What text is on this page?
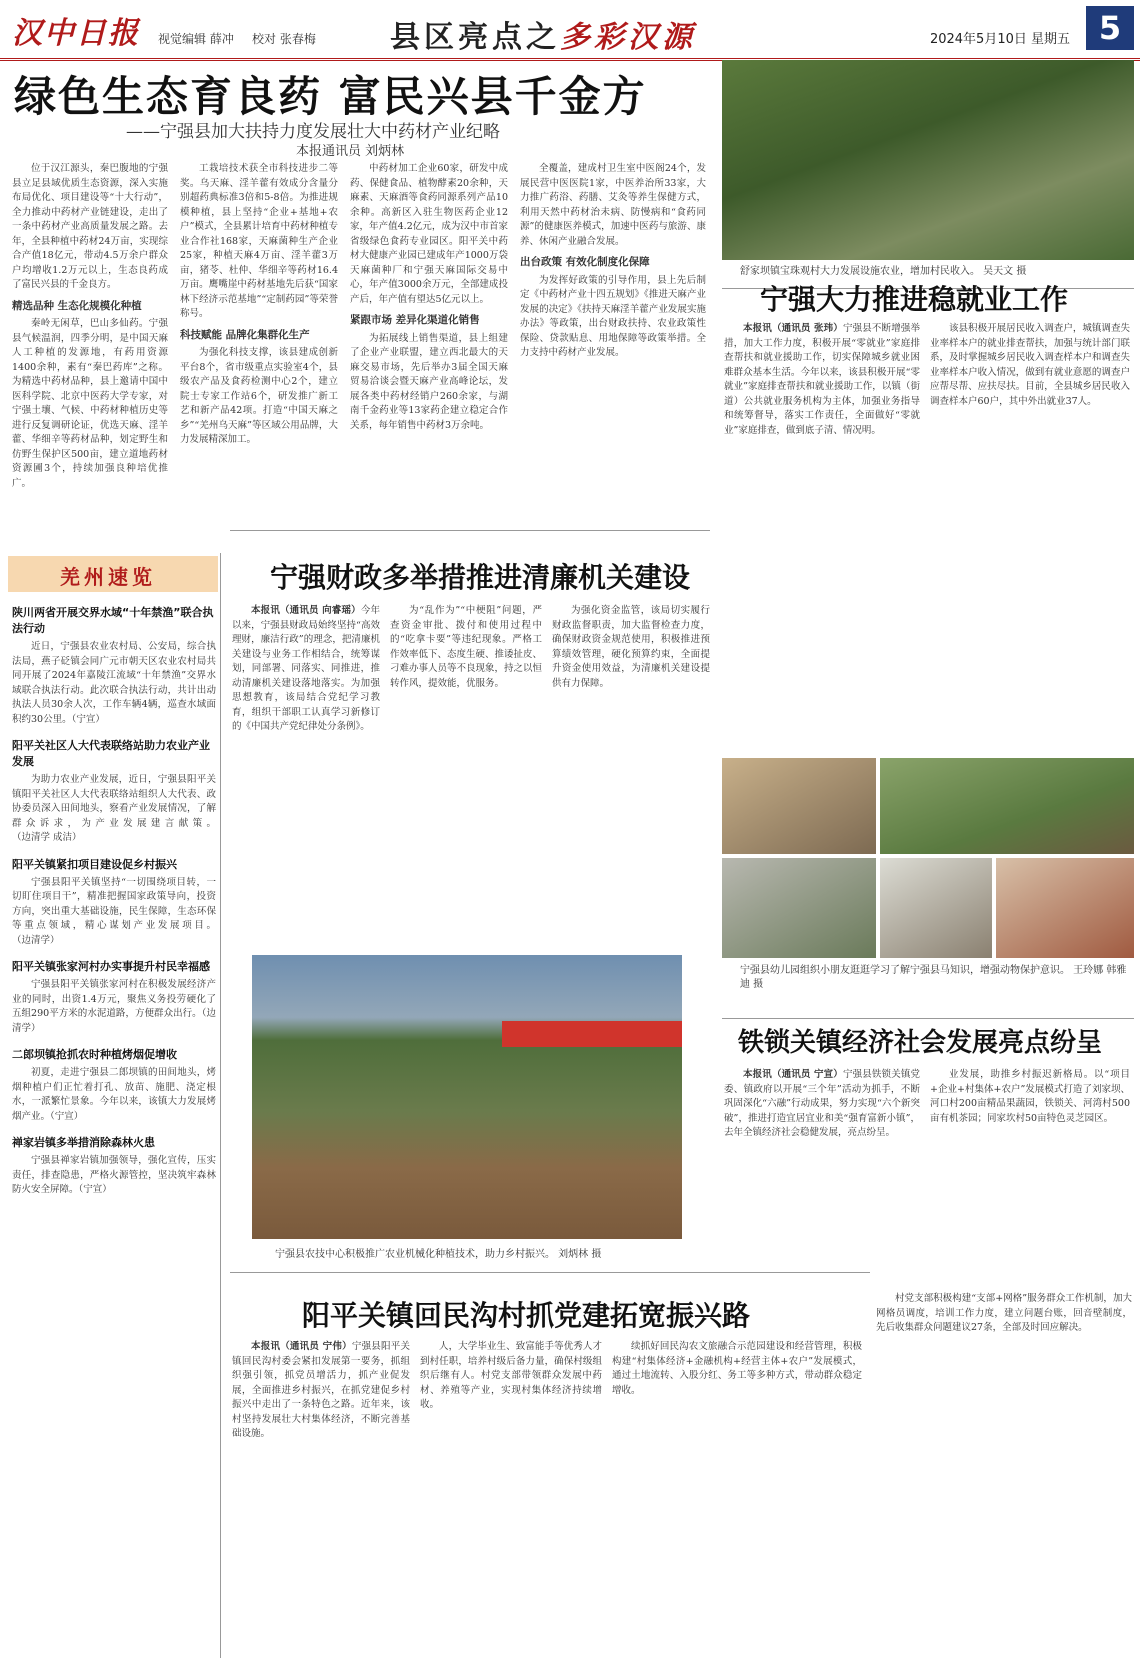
汉中日报 视觉编辑 薛冲 校对 张春梅 县区亮点之多彩汉源	2024年5月10日 星期五 5
绿色生态育良药 富民兴县千金方
——宁强县加大扶持力度发展壮大中药材产业纪略
本报通讯员 刘炳林

位于汉江源头，秦巴腹地的宁强县立足县域优质生态资源，深入实施布局优化、项目建设等“十大行动”，全力推动中药材产业链建设，走出了一条中药材产业高质量发展之路。去年，全县种植中药材24万亩，实现综合产值18亿元，带动4.5万余户群众户均增收1.2万元以上，生态良药成了富民兴县的千金良方。

精选品种 生态化规模化种植

秦岭无闲草，巴山多仙药。宁强县气候温润，四季分明，是中国天麻人工种植的发源地，有药用资源1400余种，素有“秦巴药库”之称。为精选中药材品种，县上邀请中国中医科学院、北京中医药大学专家，对宁强土壤、气候、中药材种植历史等进行反复调研论证，优选天麻、淫羊藿、华细辛等药材品种，划定野生和仿野生保护区500亩，建立道地药材资源圃3个，持续加强良种培优推广。

工栽培技术获全市科技进步二等奖。乌天麻、淫羊藿有效成分含量分别超药典标准3倍和5-8倍。为推进规模种植，县上坚持“企业+基地+农户”模式，全县累计培育中药材种植专业合作社168家，天麻菌种生产企业25家，种植天麻4万亩、淫羊藿3万亩，猪苓、杜仲、华细辛等药材16.4万亩。鹰嘴崖中药材基地先后获“国家林下经济示范基地”“定制药园”等荣誉称号。

科技赋能 品牌化集群化生产

为强化科技支撑，该县建成创新平台8个，省市级重点实验室4个，县级农产品及食药检测中心2个，建立院士专家工作站6个，研发推广新工艺和新产品42项。打造“中国天麻之乡”“羌州乌天麻”等区域公用品牌，大力发展精深加工。

中药材加工企业60家，研发中成药、保健食品、植物酵素20余种，天麻素、天麻酒等食药同源系列产品10余种。高新区入驻生物医药企业12家，年产值4.2亿元，成为汉中市首家省级绿色食药专业园区。阳平关中药材大健康产业园已建成年产1000万袋天麻菌种厂和宁强天麻国际交易中心，年产值3000余万元，全部建成投产后，年产值有望达5亿元以上。

紧跟市场 差异化渠道化销售

为拓展线上销售渠道，县上组建了企业产业联盟，建立西北最大的天麻交易市场，先后举办3届全国天麻贸易洽谈会暨天麻产业高峰论坛，发展各类中药材经销户260余家，与湖南千金药业等13家药企建立稳定合作关系，每年销售中药材3万余吨。

全覆盖，建成村卫生室中医阁24个，发展民营中医医院1家，中医养治所33家，大力推广药浴、药膳、艾灸等养生保健方式，利用天然中药材治未病、防慢病和“食药同源”的健康医养模式，加速中医药与旅游、康养、休闲产业融合发展。

出台政策 有效化制度化保障

为发挥好政策的引导作用，县上先后制定《中药材产业十四五规划》《推进天麻产业发展的决定》《扶持天麻淫羊藿产业发展实施办法》等政策，出台财政扶持、农业政策性保险、贷款贴息、用地保障等政策举措。全力支持中药材产业发展。

舒家坝镇宝珠观村大力发展设施农业，增加村民收入。 吴天文 摄
宁强大力推进稳就业工作

本报讯（通讯员 张玮）宁强县不断增强举措，加大工作力度，积极开展“零就业”家庭排查帮扶和就业援助工作，切实保障城乡就业困难群众基本生活。今年以来，该县积极开展“零就业”家庭排查帮扶和就业援助工作，以镇（街道）公共就业服务机构为主体，加强业务指导和统筹督导，落实工作责任，全面做好“零就业”家庭排查，做到底子清、情况明。

该县积极开展居民收入调查户，城镇调查失业率样本户的就业排查帮扶，加强与统计部门联系，及时掌握城乡居民收入调查样本户和调查失业率样本户收入情况，做到有就业意愿的调查户应帮尽帮、应扶尽扶。目前，全县城乡居民收入调查样本户60户，其中外出就业37人。

羌州速览
陕川两省开展交界水域“十年禁渔”联合执法行动

近日，宁强县农业农村局、公安局，综合执法局，燕子砭镇会同广元市朝天区农业农村局共同开展了2024年嘉陵江流域“十年禁渔”交界水域联合执法行动。此次联合执法行动，共计出动执法人员30余人次，工作车辆4辆，巡查水域面积约30公里。（宁宣）

阳平关社区人大代表联络站助力农业产业发展

为助力农业产业发展，近日，宁强县阳平关镇阳平关社区人大代表联络站组织人大代表、政协委员深入田间地头，察看产业发展情况，了解群众诉求，为产业发展建言献策。（边清学 成洁）

阳平关镇紧扣项目建设促乡村振兴

宁强县阳平关镇坚持“一切围绕项目转，一切盯住项目干”，精准把握国家政策导向，投资方向，突出重大基础设施，民生保障，生态环保等重点领域，精心谋划产业发展项目。（边清学）

阳平关镇张家河村办实事提升村民幸福感

宁强县阳平关镇张家河村在积极发展经济产业的同时，出资1.4万元，聚焦义务投劳硬化了五组290平方米的水泥道路，方便群众出行。（边清学）

二郎坝镇抢抓农时种植烤烟促增收

初夏，走进宁强县二郎坝镇的田间地头，烤烟种植户们正忙着打孔、放苗、施肥、浇定根水，一派繁忙景象。今年以来，该镇大力发展烤烟产业。（宁宣）

禅家岩镇多举措消除森林火患

宁强县禅家岩镇加强领导，强化宣传，压实责任，排查隐患，严格火源管控，坚决筑牢森林防火安全屏障。（宁宣）

宁强财政多举措推进清廉机关建设

本报讯（通讯员 向睿瑶）今年以来，宁强县财政局始终坚持“高效理财，廉洁行政”的理念，把清廉机关建设与业务工作相结合，统筹谋划，同部署、同落实、同推进，推动清廉机关建设落地落实。为加强思想教育，该局结合党纪学习教育，组织干部职工认真学习新修订的《中国共产党纪律处分条例》。

为“乱作为”“中梗阻”问题，严查资金审批、拨付和使用过程中的“吃拿卡要”等违纪现象。严格工作效率低下、态度生硬、推诿扯皮、刁难办事人员等不良现象，持之以恒转作风，提效能，优服务。

为强化资金监管，该局切实履行财政监督职责，加大监督检查力度，确保财政资金规范使用，积极推进预算绩效管理，硬化预算约束，全面提升资金使用效益，为清廉机关建设提供有力保障。

宁强县农技中心积极推广农业机械化种植技术，助力乡村振兴。 刘炳林 摄
宁强县幼儿园组织小朋友逛逛学习了解宁强县马知识，增强动物保护意识。 王玲娜 韩雅迪 摄
铁锁关镇经济社会发展亮点纷呈

本报讯（通讯员 宁宣）宁强县铁锁关镇党委、镇政府以开展“三个年”活动为抓手，不断巩固深化“六融”行动成果，努力实现“六个新突破”，推进打造宜居宜业和美“强育富新小镇”，去年全镇经济社会稳健发展，亮点纷呈。

业发展，助推乡村振迟新格局。以“项目+企业+村集体+农户”发展模式打造了刘家坝、河口村200亩精品果蔬园，铁锁关、河湾村500亩有机茶园；同家坎村50亩特色灵芝园区。

阳平关镇回民沟村抓党建拓宽振兴路

本报讯（通讯员 宁伟）宁强县阳平关镇回民沟村委会紧扣发展第一要务，抓组织强引领，抓党员增活力，抓产业促发展，全面推进乡村振兴，在抓党建促乡村振兴中走出了一条特色之路。近年来，该村坚持发展壮大村集体经济，不断完善基础设施。

人，大学毕业生、致富能手等优秀人才到村任职，培养村级后备力量，确保村级组织后继有人。村党支部带领群众发展中药材、养殖等产业，实现村集体经济持续增收。

续抓好回民沟农文旅融合示范园建设和经营管理，积极构建“村集体经济+金融机构+经营主体+农户”发展模式，通过土地流转、入股分红、务工等多种方式，带动群众稳定增收。

村党支部积极构建“支部+网格”服务群众工作机制，加大网格员调度，培训工作力度，建立问题台账，回音壁制度，先后收集群众问题建议27条，全部及时回应解决。
